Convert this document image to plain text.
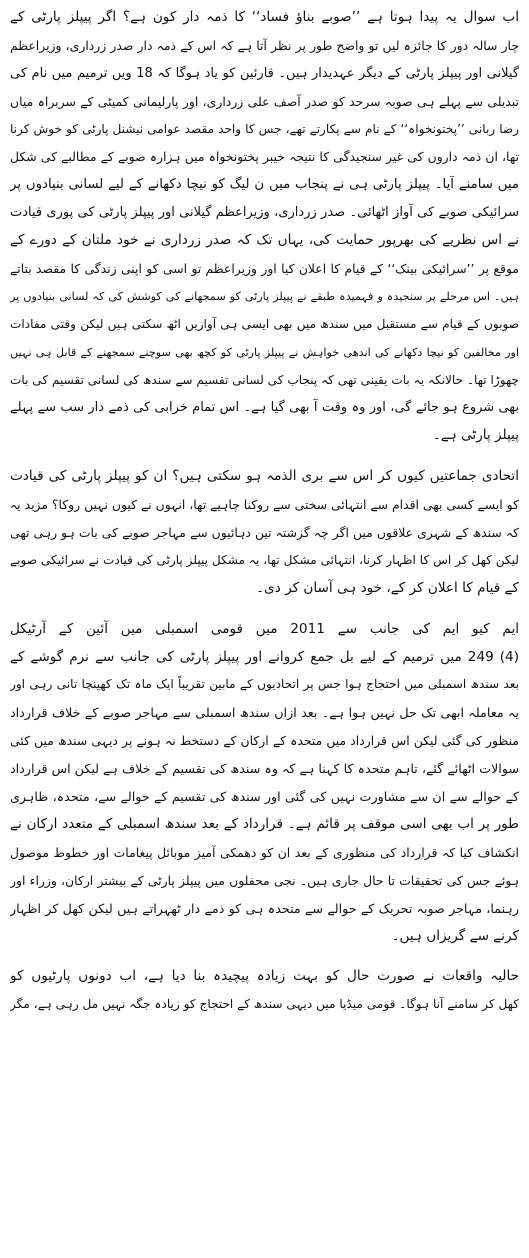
اب سوال یہ پیدا ہوتا ہے ’’صوبے بناؤ فساد‘‘ کا ذمہ دار کون ہے؟ اگر پیپلز پارٹی کے
چار سالہ دور کا جائزہ لیں تو واضح طور پر نظر آتا ہے کہ اس کے ذمہ دار صدر زرداری، وزیراعظم
گیلانی اور پیپلز پارٹی کے دیگر عہدیدار ہیں۔ قارئین کو یاد ہوگا کہ 18 ویں ترمیم میں نام کی
تبدیلی سے پہلے ہی صوبہ سرحد کو صدر آصف علی زرداری، اور پارلیمانی کمیٹی کے سربراہ میاں
رضا ربانی ’’پختونخواہ‘‘ کے نام سے پکارتے تھے، جس کا واحد مقصد عوامی نیشنل پارٹی کو خوش کرنا
تھا، ان ذمہ داروں کی غیر سنجیدگی کا نتیجہ خیبر پختونخواہ میں ہزارہ صوبے کے مطالبے کی شکل
میں سامنے آیا۔ پیپلز پارٹی ہی نے پنجاب میں ن لیگ کو نیچا دکھانے کے لیے لسانی بنیادوں پر
سرائیکی صوبے کی آواز اٹھائی۔ صدر زرداری، وزیراعظم گیلانی اور پیپلز پارٹی کی پوری قیادت
نے اس نظریے کی بھرپور حمایت کی، یہاں تک کہ صدر زرداری نے خود ملتان کے دورے کے
موقع پر ’’سرائیکی بینک‘‘ کے قیام کا اعلان کیا اور وزیراعظم تو اسی کو اپنی زندگی کا مقصد بتاتے
ہیں۔ اس مرحلے پر سنجیدہ و فہمیدہ طبقے نے پیپلز پارٹی کو سمجھانے کی کوشش کی کہ لسانی بنیادوں پر
صوبوں کے قیام سے مستقبل میں سندھ میں بھی ایسی ہی آوازیں اٹھ سکتی ہیں لیکن وقتی مفادات
اور مخالفین کو نیچا دکھانے کی اندھی خواہش نے پیپلز پارٹی کو کچھ بھی سوچنے سمجھنے کے قابل ہی نہیں
چھوڑا تھا۔ حالانکہ یہ بات یقینی تھی کہ پنجاب کی لسانی تقسیم سے سندھ کی لسانی تقسیم کی بات
بھی شروع ہو جائے گی، اور وہ وقت آ بھی گیا ہے۔ اس تمام خرابی کی ذمے دار سب سے پہلے
پیپلز پارٹی ہے۔
اتحادی جماعتیں کیوں کر اس سے بری الذمہ ہو سکتی ہیں؟ ان کو پیپلز پارٹی کی قیادت
کو ایسے کسی بھی اقدام سے انتہائی سختی سے روکنا چاہیے تھا، انہوں نے کیوں نہیں روکا؟ مزید یہ
کہ سندھ کے شہری علاقوں میں اگر چہ گزشتہ تین دہائیوں سے مہاجر صوبے کی بات ہو رہی تھی
لیکن کھل کر اس کا اظہار کرنا، انتہائی مشکل تھا، یہ مشکل پیپلز پارٹی کی قیادت نے سرائیکی صوبے
کے قیام کا اعلان کر کے، خود ہی آسان کر دی۔
ایم کیو ایم کی جانب سے 2011 میں قومی اسمبلی میں آئین کے آرٹیکل
(4) 249 میں ترمیم کے لیے بل جمع کروانے اور پیپلز پارٹی کی جانب سے نرم گوشے کے
بعد سندھ اسمبلی میں احتجاج ہوا جس پر اتحادیوں کے مابین تقریباً ایک ماہ تک کھینچا تانی رہی اور
یہ معاملہ ابھی تک حل نہیں ہوا ہے۔ بعد ازاں سندھ اسمبلی سے مہاجر صوبے کے خلاف قرارداد
منظور کی گئی لیکن اس قرارداد میں متحدہ کے ارکان کے دستخط نہ ہونے پر دیہی سندھ میں کئی
سوالات اٹھائے گئے، تاہم متحدہ کا کہنا ہے کہ وہ سندھ کی تقسیم کے خلاف ہے لیکن اس قرارداد
کے حوالے سے ان سے مشاورت نہیں کی گئی اور سندھ کی تقسیم کے حوالے سے، متحدہ، ظاہری
طور پر اب بھی اسی موقف پر قائم ہے۔ قرارداد کے بعد سندھ اسمبلی کے متعدد ارکان نے
انکشاف کیا کہ قرارداد کی منظوری کے بعد ان کو دھمکی آمیز موبائل پیغامات اور خطوط موصول
ہوئے جس کی تحقیقات تا حال جاری ہیں۔ نجی محفلوں میں پیپلز پارٹی کے بیشتر ارکان، وزراء اور
رہنما، مہاجر صوبہ تحریک کے حوالے سے متحدہ ہی کو ذمے دار ٹھہراتے ہیں لیکن کھل کر اظہار
کرنے سے گریزاں ہیں۔
حالیہ واقعات نے صورت حال کو بہت زیادہ پیچیدہ بنا دیا ہے، اب دونوں پارٹیوں کو
کھل کر سامنے آنا ہوگا۔ قومی میڈیا میں دیہی سندھ کے احتجاج کو زیادہ جگہ نہیں مل رہی ہے، مگر
